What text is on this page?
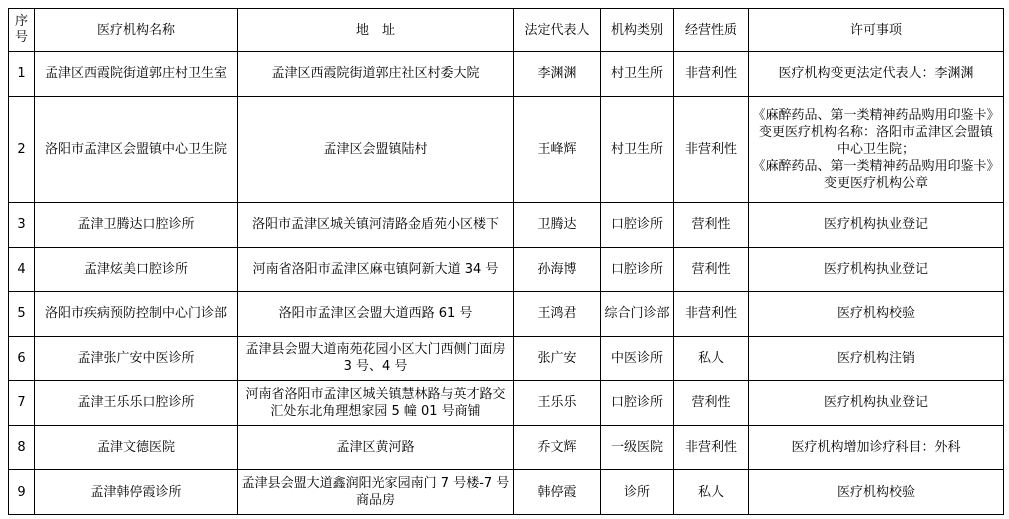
序
号	医疗机构名称	地　址	法定代表人	机构类别	经营性质	许可事项
1	孟津区西霞院街道郭庄村卫生室	孟津区西霞院街道郭庄社区村委大院	李渊渊	村卫生所	非营利性	医疗机构变更法定代表人：李渊渊
2	洛阳市孟津区会盟镇中心卫生院	孟津区会盟镇陆村	王峰辉	村卫生所	非营利性	《麻醉药品、第一类精神药品购用印鉴卡》
变更医疗机构名称：洛阳市孟津区会盟镇
中心卫生院；
《麻醉药品、第一类精神药品购用印鉴卡》
变更医疗机构公章
3	孟津卫腾达口腔诊所	洛阳市孟津区城关镇河清路金盾苑小区楼下	卫腾达	口腔诊所	营利性	医疗机构执业登记
4	孟津炫美口腔诊所	河南省洛阳市孟津区麻屯镇阿新大道 34 号	孙海博	口腔诊所	营利性	医疗机构执业登记
5	洛阳市疾病预防控制中心门诊部	洛阳市孟津区会盟大道西路 61 号	王鸿君	综合门诊部	非营利性	医疗机构校验
6	孟津张广安中医诊所	孟津县会盟大道南苑花园小区大门西侧门面房 3 号、4 号	张广安	中医诊所	私人	医疗机构注销
7	孟津王乐乐口腔诊所	河南省洛阳市孟津区城关镇慧林路与英才路交汇处东北角理想家园 5 幢 01 号商铺	王乐乐	口腔诊所	营利性	医疗机构执业登记
8	孟津文德医院	孟津区黄河路	乔文辉	一级医院	非营利性	医疗机构增加诊疗科目：外科
9	孟津韩停霞诊所	孟津县会盟大道鑫润阳光家园南门 7 号楼-7 号商品房	韩停霞	诊所	私人	医疗机构校验
